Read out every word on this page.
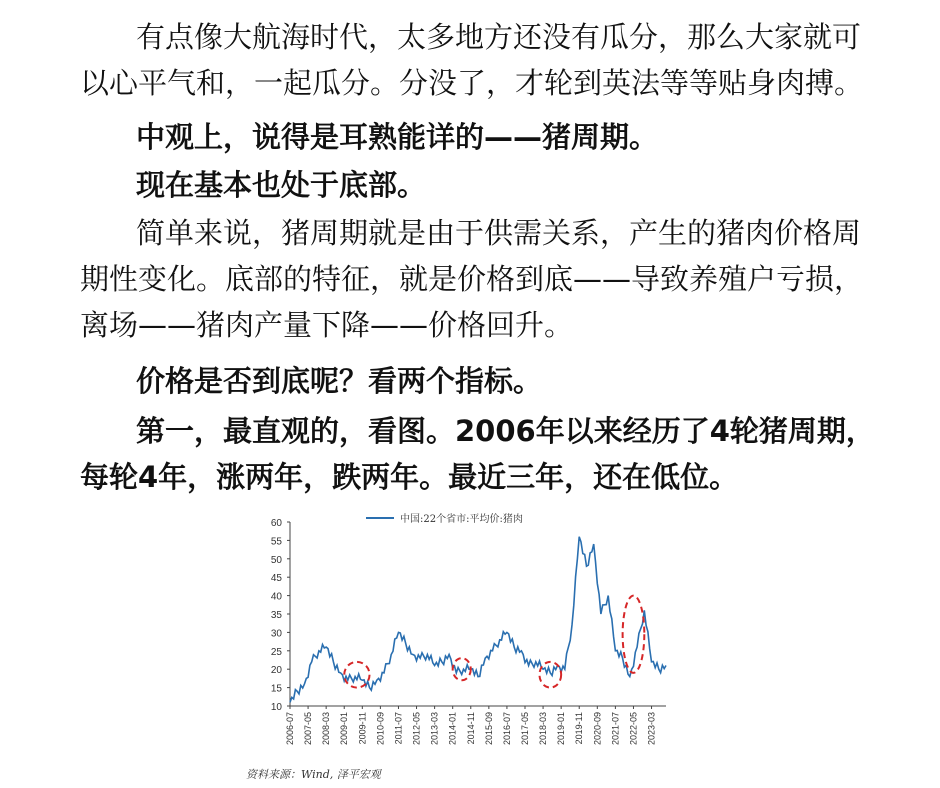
有点像大航海时代，太多地方还没有瓜分，那么大家就可以心平气和，一起瓜分。分没了，才轮到英法等等贴身肉搏。
中观上，说得是耳熟能详的——猪周期。
现在基本也处于底部。
简单来说，猪周期就是由于供需关系，产生的猪肉价格周期性变化。底部的特征，就是价格到底——导致养殖户亏损，离场——猪肉产量下降——价格回升。
价格是否到底呢？看两个指标。
第一，最直观的，看图。2006年以来经历了4轮猪周期，每轮4年，涨两年，跌两年。最近三年，还在低位。
10
15
20
25
30
35
40
45
50
55
60
2006-07 2007-05 2008-03 2009-01 2009-11 2010-09 2011-07 2012-05 2013-03 2014-01 2014-11 2015-09 2016-07 2017-05 2018-03 2019-01 2019-11 2020-09 2021-07 2022-05 2023-03
中国:22个省市:平均价:猪肉
资料来源：Wind, 泽平宏观
